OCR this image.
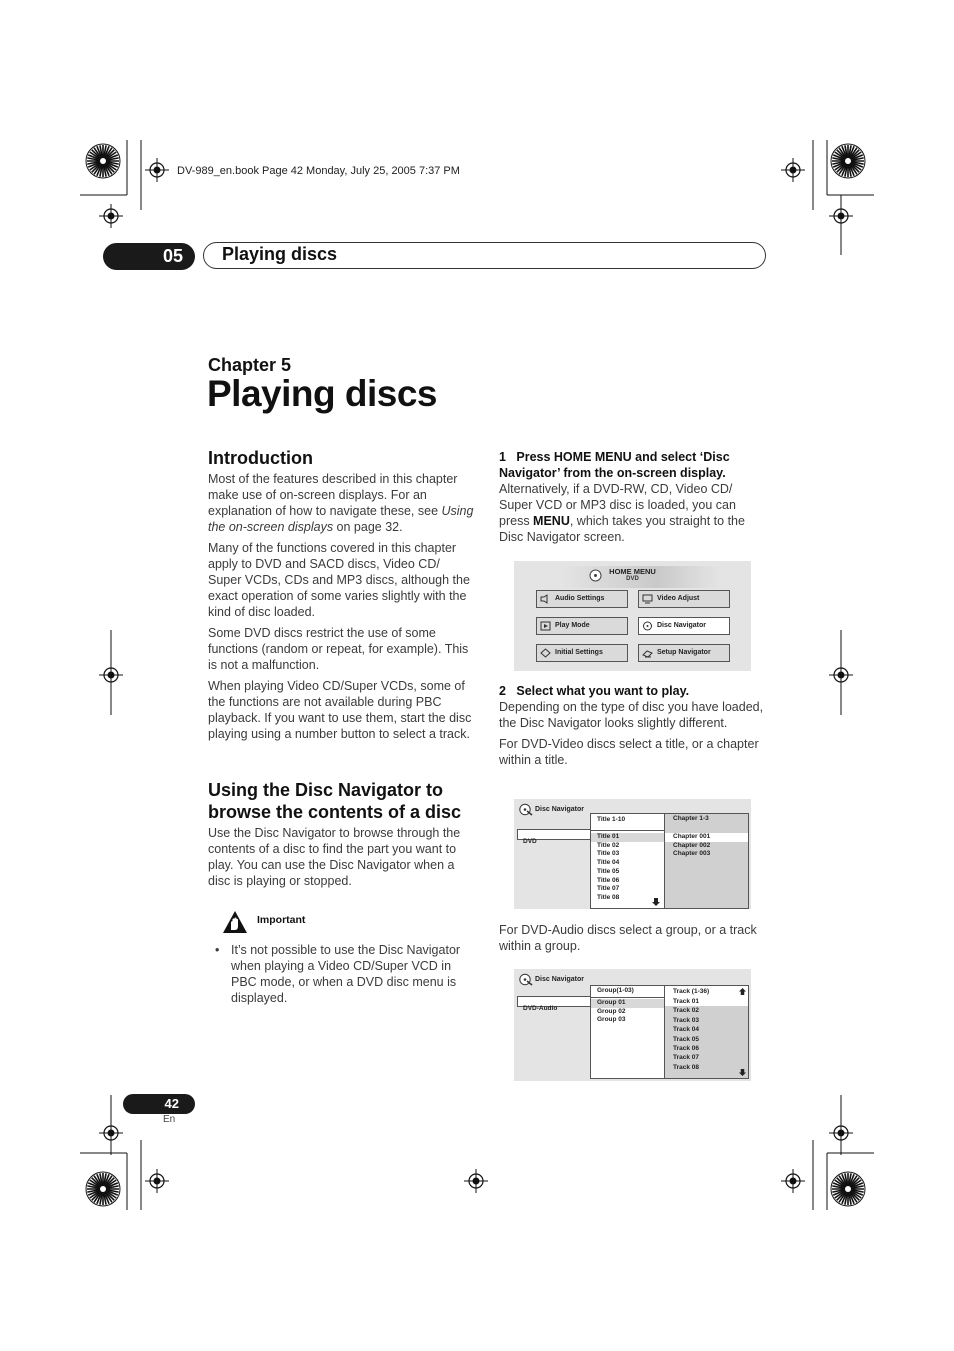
DV-989_en.book Page 42 Monday, July 25, 2005 7:37 PM
05	Playing discs
Chapter 5
Playing discs
Introduction

Most of the features described in this chapter make use of on-screen displays. For an explanation of how to navigate these, see Using the on-screen displays on page 32.

Many of the functions covered in this chapter apply to DVD and SACD discs, Video CD/ Super VCDs, CDs and MP3 discs, although the exact operation of some varies slightly with the kind of disc loaded.

Some DVD discs restrict the use of some functions (random or repeat, for example). This is not a malfunction.

When playing Video CD/Super VCDs, some of the functions are not available during PBC playback. If you want to use them, start the disc playing using a number button to select a track.

Using the Disc Navigator to browse the contents of a disc

Use the Disc Navigator to browse through the contents of a disc to find the part you want to play. You can use the Disc Navigator when a disc is playing or stopped.

Important
• It’s not possible to use the Disc Navigator when playing a Video CD/Super VCD in PBC mode, or when a DVD disc menu is displayed.
1 Press HOME MENU and select ‘Disc Navigator’ from the on-screen display.

Alternatively, if a DVD-RW, CD, Video CD/ Super VCD or MP3 disc is loaded, you can press MENU, which takes you straight to the Disc Navigator screen.

HOME MENU
DVD
Audio Settings	Video Adjust
Play Mode	Disc Navigator
Initial Settings	Setup Navigator
2 Select what you want to play.

Depending on the type of disc you have loaded, the Disc Navigator looks slightly different.

For DVD-Video discs select a title, or a chapter within a title.

Disc Navigator
DVD
Title 1-10
Title 01
Title 02
Title 03
Title 04
Title 05
Title 06
Title 07
Title 08
Chapter 1-3
Chapter 001
Chapter 002
Chapter 003
For DVD-Audio discs select a group, or a track within a group.
Disc Navigator
DVD-Audio
Group(1-03)
Group 01
Group 02
Group 03
Track (1-36)
Track 01
Track 02
Track 03
Track 04
Track 05
Track 06
Track 07
Track 08
42
En
